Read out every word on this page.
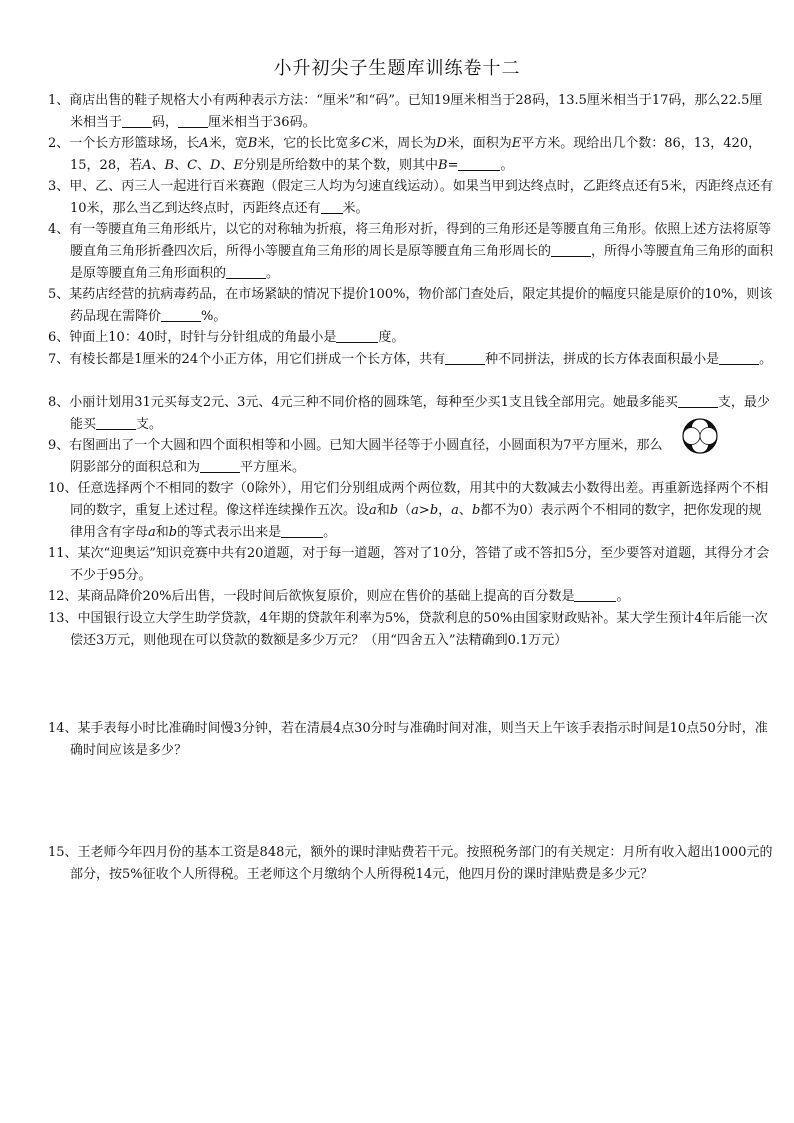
小升初尖子生题库训练卷十二
1、商店出售的鞋子规格大小有两种表示方法：“厘米”和“码”。已知19厘米相当于28码，13.5厘米相当于17码，那么22.5厘米相当于 码， 厘米相当于36码。
2、一个长方形篮球场，长A米，宽B米，它的长比宽多C米，周长为D米，面积为E平方米。现给出几个数：86，13，420，15，28，若A、B、C、D、E分别是所给数中的某个数，则其中B=	。
3、甲、乙、丙三人一起进行百米赛跑（假定三人均为匀速直线运动）。如果当甲到达终点时，乙距终点还有5米，丙距终点还有10米，那么当乙到达终点时，丙距终点还有 米。
4、有一等腰直角三角形纸片，以它的对称轴为折痕，将三角形对折，得到的三角形还是等腰直角三角形。依照上述方法将原等腰直角三角形折叠四次后，所得小等腰直角三角形的周长是原等腰直角三角形周长的	，所得小等腰直角三角形的面积是原等腰直角三角形面积的	。
5、某药店经营的抗病毒药品，在市场紧缺的情况下提价100%，物价部门查处后，限定其提价的幅度只能是原价的10%，则该药品现在需降价	%。
6、钟面上10：40时，时针与分针组成的角最小是	度。
7、有棱长都是1厘米的24个小正方体，用它们拼成一个长方体，共有	种不同拼法，拼成的长方体表面积最小是	。
8、小丽计划用31元买每支2元、3元、4元三种不同价格的圆珠笔，每种至少买1支且钱全部用完。她最多能买	支，最少能买	支。
9、右图画出了一个大圆和四个面积相等和小圆。已知大圆半径等于小圆直径，小圆面积为7平方厘米，那么阴影部分的面积总和为	平方厘米。
10、任意选择两个不相同的数字（0除外），用它们分别组成两个两位数，用其中的大数减去小数得出差。再重新选择两个不相同的数字，重复上述过程。像这样连续操作五次。设a和b（a>b，a、b都不为0）表示两个不相同的数字，把你发现的规律用含有字母a和b的等式表示出来是	。
11、某次“迎奥运”知识竞赛中共有20道题，对于每一道题，答对了10分，答错了或不答扣5分，至少要答对道题，其得分才会不少于95分。
12、某商品降价20%后出售，一段时间后欲恢复原价，则应在售价的基础上提高的百分数是	。
13、中国银行设立大学生助学贷款，4年期的贷款年利率为5%，贷款利息的50%由国家财政贴补。某大学生预计4年后能一次偿还3万元，则他现在可以贷款的数额是多少万元？（用“四舍五入”法精确到0.1万元）
14、某手表每小时比准确时间慢3分钟，若在清晨4点30分时与准确时间对准，则当天上午该手表指示时间是10点50分时，准确时间应该是多少？
15、王老师今年四月份的基本工资是848元，额外的课时津贴费若干元。按照税务部门的有关规定：月所有收入超出1000元的部分，按5%征收个人所得税。王老师这个月缴纳个人所得税14元，他四月份的课时津贴费是多少元？
